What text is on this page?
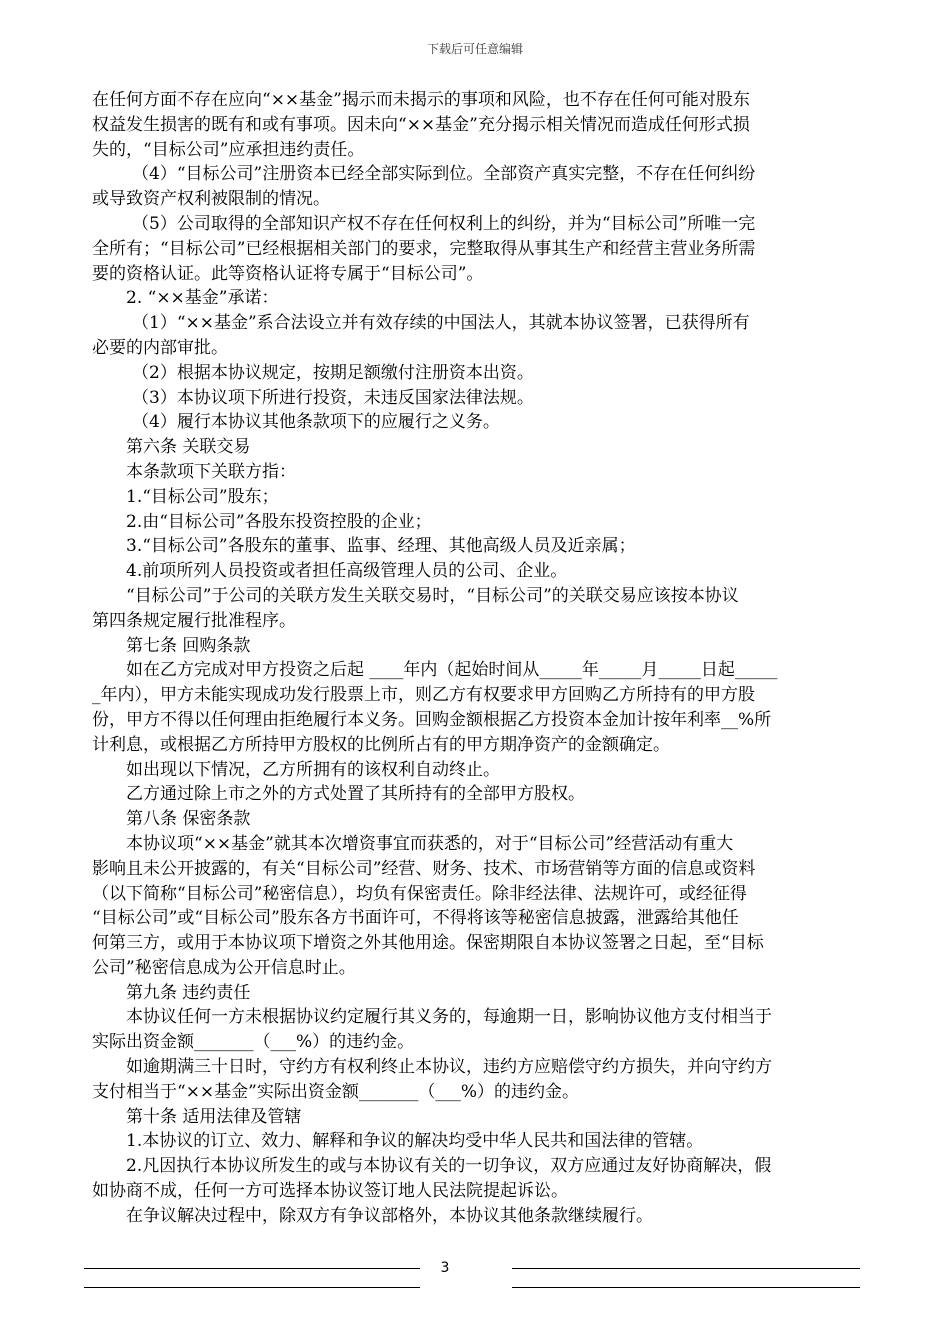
下载后可任意编辑
在任何方面不存在应向“××基金”揭示而未揭示的事项和风险，也不存在任何可能对股东
权益发生损害的既有和或有事项。因未向“××基金”充分揭示相关情况而造成任何形式损
失的，“目标公司”应承担违约责任。
（4）“目标公司”注册资本已经全部实际到位。全部资产真实完整，不存在任何纠纷
或导致资产权利被限制的情况。
（5）公司取得的全部知识产权不存在任何权利上的纠纷，并为“目标公司”所唯一完
全所有；“目标公司”已经根据相关部门的要求，完整取得从事其生产和经营主营业务所需
要的资格认证。此等资格认证将专属于“目标公司”。
2. “××基金”承诺：
（1）“××基金”系合法设立并有效存续的中国法人，其就本协议签署，已获得所有
必要的内部审批。
（2）根据本协议规定，按期足额缴付注册资本出资。
（3）本协议项下所进行投资，未违反国家法律法规。
（4）履行本协议其他条款项下的应履行之义务。
第六条 关联交易
本条款项下关联方指：
1.“目标公司”股东；
2.由“目标公司”各股东投资控股的企业；
3.“目标公司”各股东的董事、监事、经理、其他高级人员及近亲属；
4.前项所列人员投资或者担任高级管理人员的公司、企业。
“目标公司”于公司的关联方发生关联交易时，“目标公司”的关联交易应该按本协议
第四条规定履行批准程序。
第七条 回购条款
如在乙方完成对甲方投资之后起 ____年内（起始时间从_____年_____月_____日起_____
_年内），甲方未能实现成功发行股票上市，则乙方有权要求甲方回购乙方所持有的甲方股
份，甲方不得以任何理由拒绝履行本义务。回购金额根据乙方投资本金加计按年利率__%所
计利息，或根据乙方所持甲方股权的比例所占有的甲方期净资产的金额确定。
如出现以下情况，乙方所拥有的该权利自动终止。
乙方通过除上市之外的方式处置了其所持有的全部甲方股权。
第八条 保密条款
本协议项“××基金”就其本次增资事宜而获悉的，对于“目标公司”经营活动有重大
影响且未公开披露的，有关“目标公司”经营、财务、技术、市场营销等方面的信息或资料
（以下简称“目标公司”秘密信息），均负有保密责任。除非经法律、法规许可，或经征得
“目标公司”或“目标公司”股东各方书面许可，不得将该等秘密信息披露，泄露给其他任
何第三方，或用于本协议项下增资之外其他用途。保密期限自本协议签署之日起，至“目标
公司”秘密信息成为公开信息时止。
第九条 违约责任
本协议任何一方未根据协议约定履行其义务的，每逾期一日，影响协议他方支付相当于
实际出资金额_______（___%）的违约金。
如逾期满三十日时，守约方有权利终止本协议，违约方应赔偿守约方损失，并向守约方
支付相当于“××基金”实际出资金额_______（___%）的违约金。
第十条 适用法律及管辖
1.本协议的订立、效力、解释和争议的解决均受中华人民共和国法律的管辖。
2.凡因执行本协议所发生的或与本协议有关的一切争议，双方应通过友好协商解决，假
如协商不成，任何一方可选择本协议签订地人民法院提起诉讼。
在争议解决过程中，除双方有争议部格外，本协议其他条款继续履行。
3
